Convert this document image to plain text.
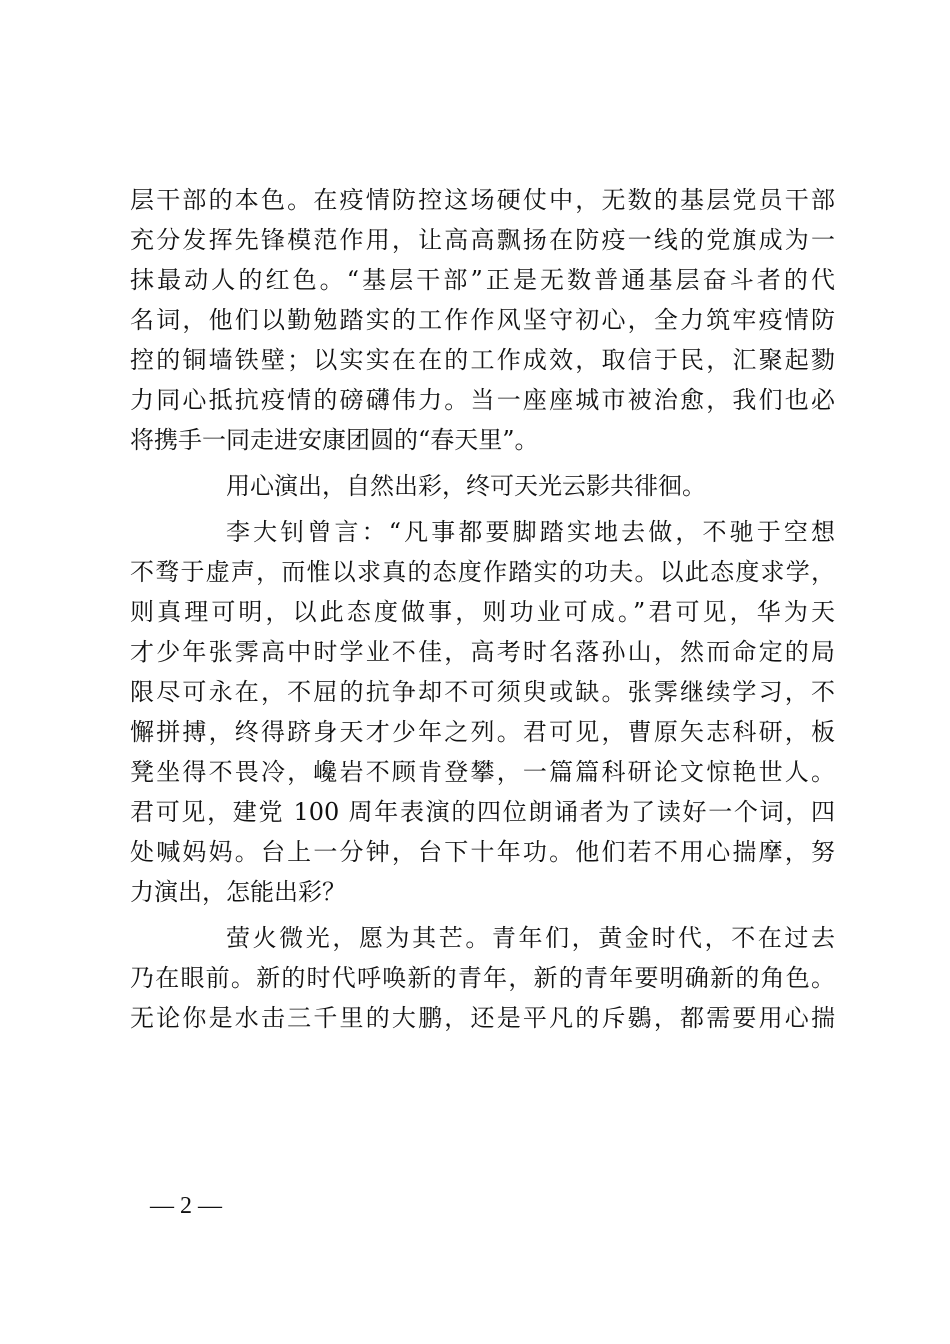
层干部的本色。在疫情防控这场硬仗中，无数的基层党员干部
充分发挥先锋模范作用，让高高飘扬在防疫一线的党旗成为一
抹最动人的红色。“基层干部”正是无数普通基层奋斗者的代
名词，他们以勤勉踏实的工作作风坚守初心，全力筑牢疫情防
控的铜墙铁壁；以实实在在的工作成效，取信于民，汇聚起勠
力同心抵抗疫情的磅礴伟力。当一座座城市被治愈，我们也必
将携手一同走进安康团圆的“春天里”。
用心演出，自然出彩，终可天光云影共徘徊。
李大钊曾言：“凡事都要脚踏实地去做，不驰于空想
不骛于虚声，而惟以求真的态度作踏实的功夫。以此态度求学，
则真理可明，以此态度做事，则功业可成。”君可见，华为天
才少年张霁高中时学业不佳，高考时名落孙山，然而命定的局
限尽可永在，不屈的抗争却不可须臾或缺。张霁继续学习，不
懈拼搏，终得跻身天才少年之列。君可见，曹原矢志科研，板
凳坐得不畏冷，巉岩不顾肯登攀，一篇篇科研论文惊艳世人。
君可见，建党 100 周年表演的四位朗诵者为了读好一个词，四
处喊妈妈。台上一分钟，台下十年功。他们若不用心揣摩，努
力演出，怎能出彩？
萤火微光，愿为其芒。青年们，黄金时代，不在过去
乃在眼前。新的时代呼唤新的青年，新的青年要明确新的角色。
无论你是水击三千里的大鹏，还是平凡的斥鷃，都需要用心揣
— 2 —
